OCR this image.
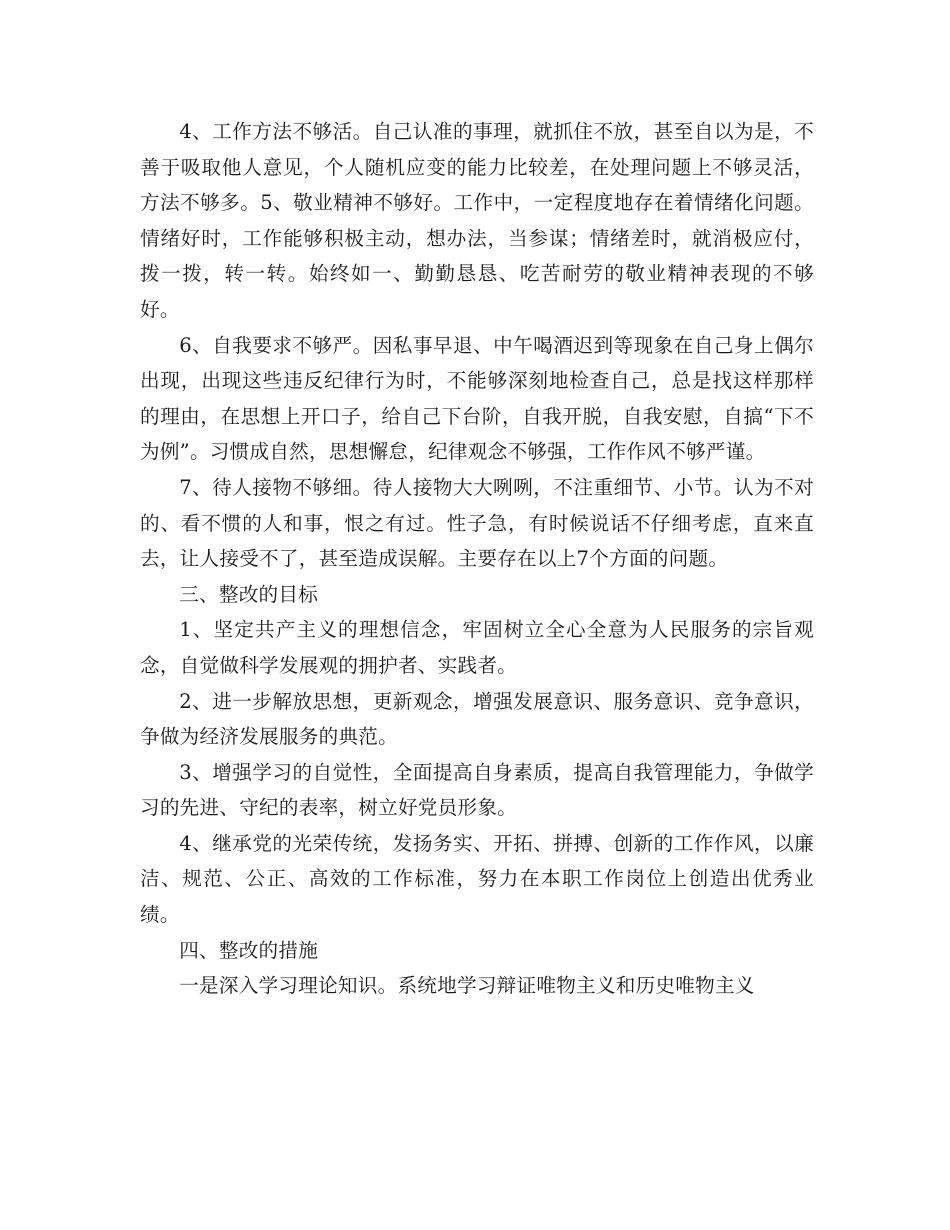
4、工作方法不够活。自己认准的事理，就抓住不放，甚至自以为是，不善于吸取他人意见，个人随机应变的能力比较差，在处理问题上不够灵活，方法不够多。5、敬业精神不够好。工作中，一定程度地存在着情绪化问题。情绪好时，工作能够积极主动，想办法，当参谋；情绪差时，就消极应付，拨一拨，转一转。始终如一、勤勤恳恳、吃苦耐劳的敬业精神表现的不够好。

6、自我要求不够严。因私事早退、中午喝酒迟到等现象在自己身上偶尔出现，出现这些违反纪律行为时，不能够深刻地检查自己，总是找这样那样的理由，在思想上开口子，给自己下台阶，自我开脱，自我安慰，自搞“下不为例”。习惯成自然，思想懈怠，纪律观念不够强，工作作风不够严谨。

7、待人接物不够细。待人接物大大咧咧，不注重细节、小节。认为不对的、看不惯的人和事，恨之有过。性子急，有时候说话不仔细考虑，直来直去，让人接受不了，甚至造成误解。主要存在以上7个方面的问题。

三、整改的目标

1、坚定共产主义的理想信念，牢固树立全心全意为人民服务的宗旨观念，自觉做科学发展观的拥护者、实践者。

2、进一步解放思想，更新观念，增强发展意识、服务意识、竞争意识，争做为经济发展服务的典范。

3、增强学习的自觉性，全面提高自身素质，提高自我管理能力，争做学习的先进、守纪的表率，树立好党员形象。

4、继承党的光荣传统，发扬务实、开拓、拼搏、创新的工作作风，以廉洁、规范、公正、高效的工作标准，努力在本职工作岗位上创造出优秀业绩。

四、整改的措施

一是深入学习理论知识。系统地学习辩证唯物主义和历史唯物主义
